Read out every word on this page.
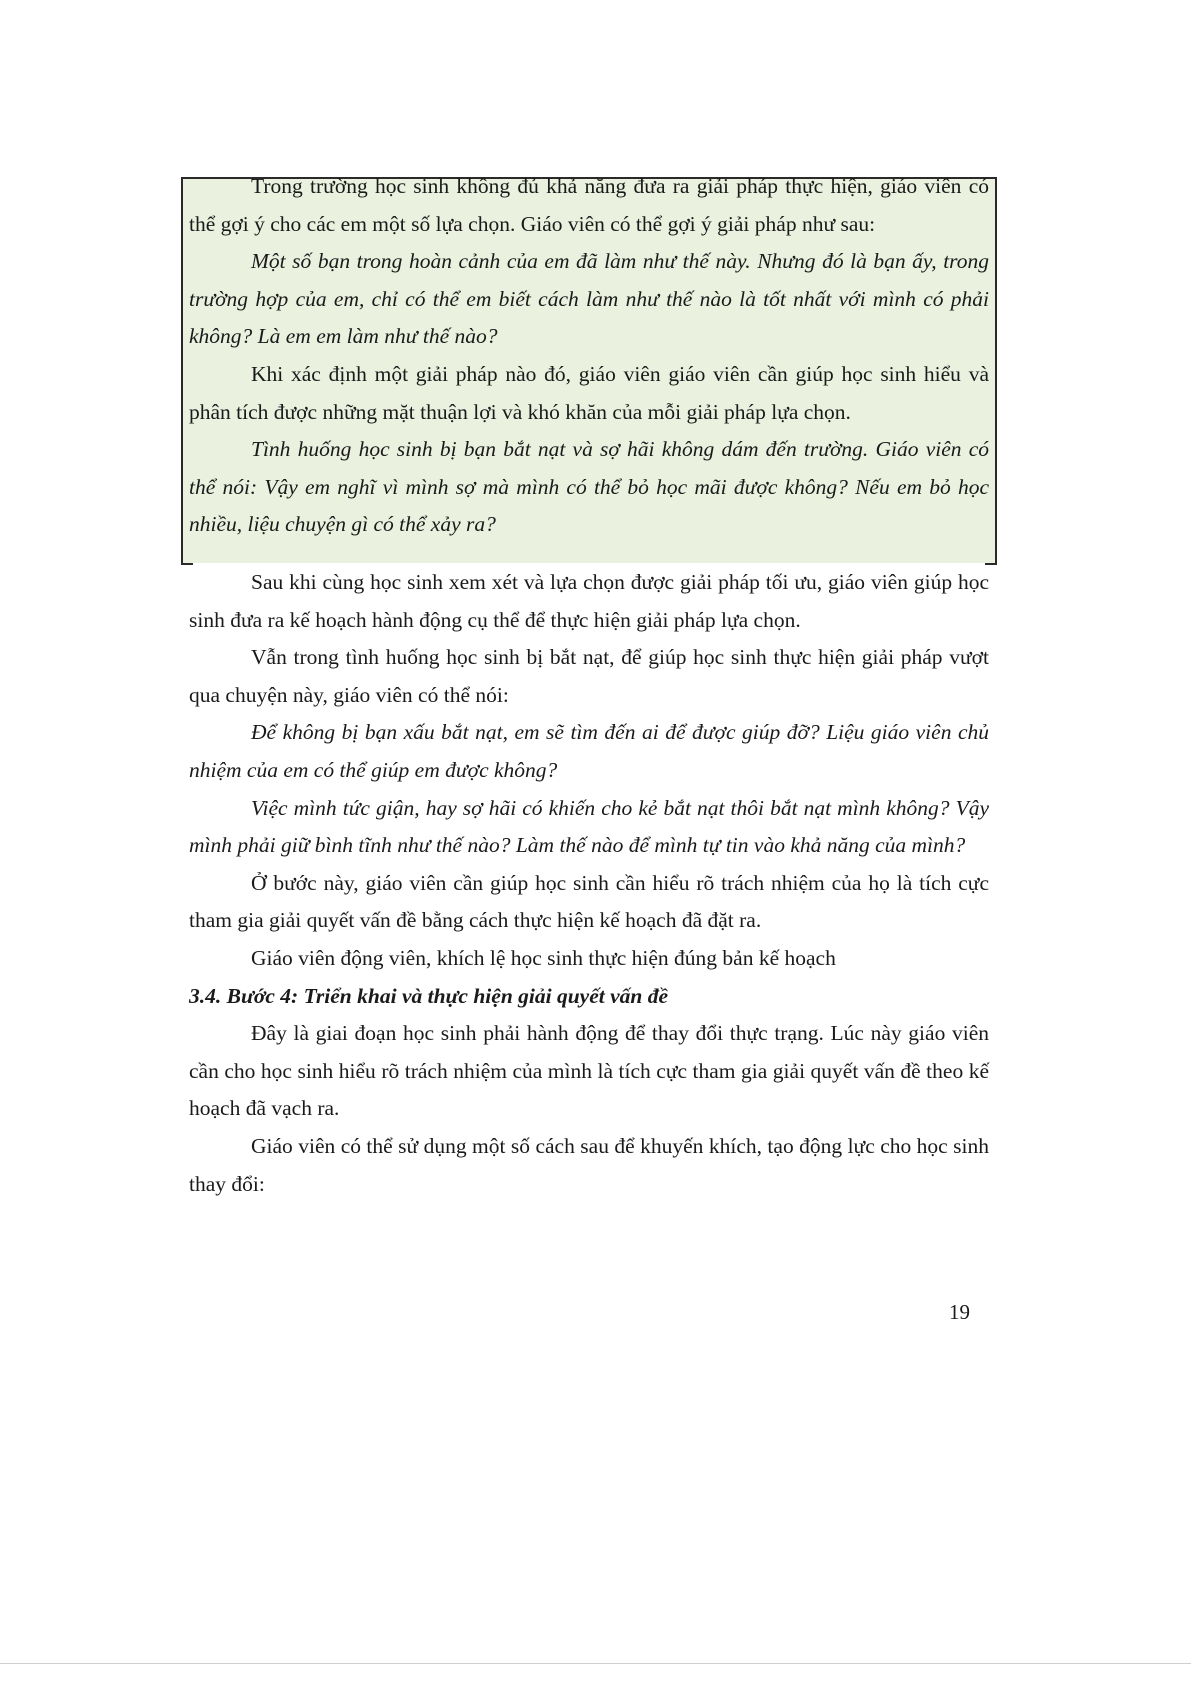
Trong trường học sinh không đủ khả năng đưa ra giải pháp thực hiện, giáo viên có thể gợi ý cho các em một số lựa chọn. Giáo viên có thể gợi ý giải pháp như sau:

Một số bạn trong hoàn cảnh của em đã làm như thế này. Nhưng đó là bạn ấy, trong trường hợp của em, chỉ có thể em biết cách làm như thế nào là tốt nhất với mình có phải không? Là em em làm như thế nào?

Khi xác định một giải pháp nào đó, giáo viên giáo viên cần giúp học sinh hiểu và phân tích được những mặt thuận lợi và khó khăn của mỗi giải pháp lựa chọn.

Tình huống học sinh bị bạn bắt nạt và sợ hãi không dám đến trường. Giáo viên có thể nói: Vậy em nghĩ vì mình sợ mà mình có thể bỏ học mãi được không? Nếu em bỏ học nhiều, liệu chuyện gì có thể xảy ra?

Sau khi cùng học sinh xem xét và lựa chọn được giải pháp tối ưu, giáo viên giúp học sinh đưa ra kế hoạch hành động cụ thể để thực hiện giải pháp lựa chọn.

Vẫn trong tình huống học sinh bị bắt nạt, để giúp học sinh thực hiện giải pháp vượt qua chuyện này, giáo viên có thể nói:

Để không bị bạn xấu bắt nạt, em sẽ tìm đến ai để được giúp đỡ? Liệu giáo viên chủ nhiệm của em có thể giúp em được không?

Việc mình tức giận, hay sợ hãi có khiến cho kẻ bắt nạt thôi bắt nạt mình không? Vậy mình phải giữ bình tĩnh như thế nào? Làm thế nào để mình tự tin vào khả năng của mình?

Ở bước này, giáo viên cần giúp học sinh cần hiểu rõ trách nhiệm của họ là tích cực tham gia giải quyết vấn đề bằng cách thực hiện kế hoạch đã đặt ra.

Giáo viên động viên, khích lệ học sinh thực hiện đúng bản kế hoạch

3.4. Bước 4: Triển khai và thực hiện giải quyết vấn đề

Đây là giai đoạn học sinh phải hành động để thay đổi thực trạng. Lúc này giáo viên cần cho học sinh hiểu rõ trách nhiệm của mình là tích cực tham gia giải quyết vấn đề theo kế hoạch đã vạch ra.

Giáo viên có thể sử dụng một số cách sau để khuyến khích, tạo động lực cho học sinh thay đổi:

19
